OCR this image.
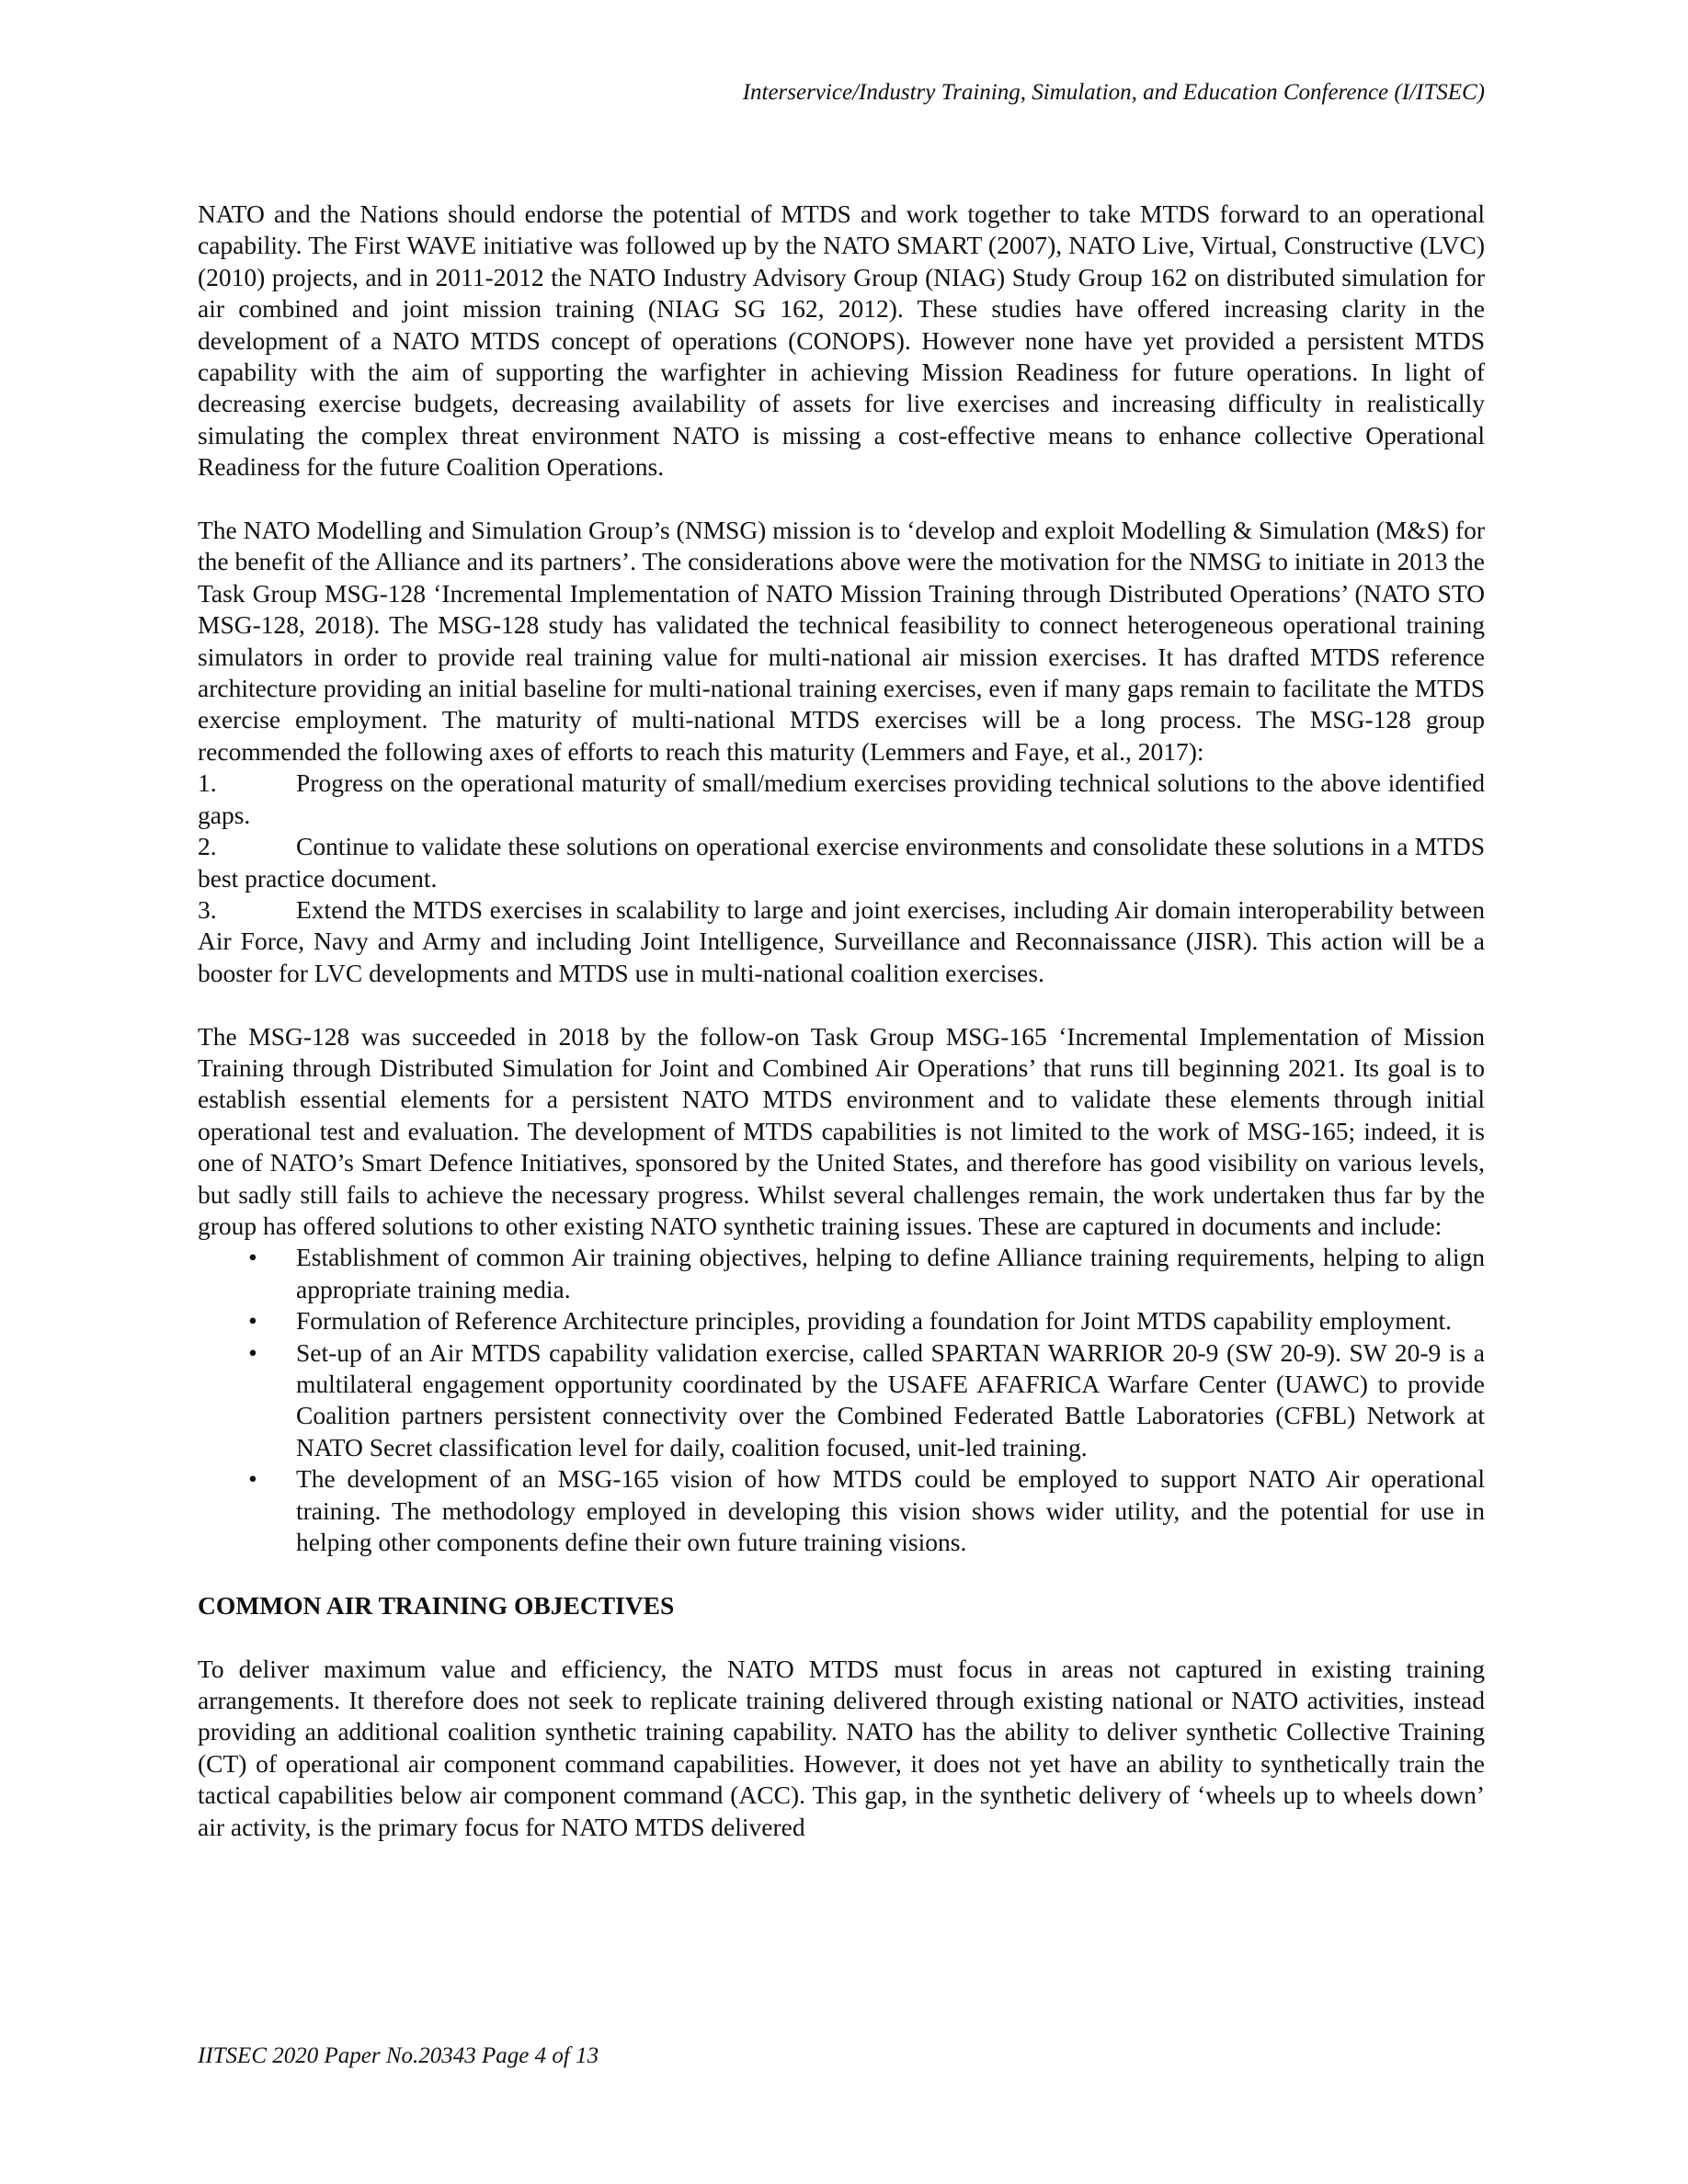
Interservice/Industry Training, Simulation, and Education Conference (I/ITSEC)

NATO and the Nations should endorse the potential of MTDS and work together to take MTDS forward to an operational capability. The First WAVE initiative was followed up by the NATO SMART (2007), NATO Live, Virtual, Constructive (LVC) (2010) projects, and in 2011-2012 the NATO Industry Advisory Group (NIAG) Study Group 162 on distributed simulation for air combined and joint mission training (NIAG SG 162, 2012). These studies have offered increasing clarity in the development of a NATO MTDS concept of operations (CONOPS). However none have yet provided a persistent MTDS capability with the aim of supporting the warfighter in achieving Mission Readiness for future operations. In light of decreasing exercise budgets, decreasing availability of assets for live exercises and increasing difficulty in realistically simulating the complex threat environment NATO is missing a cost-effective means to enhance collective Operational Readiness for the future Coalition Operations.

The NATO Modelling and Simulation Group’s (NMSG) mission is to ‘develop and exploit Modelling & Simulation (M&S) for the benefit of the Alliance and its partners’. The considerations above were the motivation for the NMSG to initiate in 2013 the Task Group MSG-128 ‘Incremental Implementation of NATO Mission Training through Distributed Operations’ (NATO STO MSG-128, 2018). The MSG-128 study has validated the technical feasibility to connect heterogeneous operational training simulators in order to provide real training value for multi-national air mission exercises. It has drafted MTDS reference architecture providing an initial baseline for multi-national training exercises, even if many gaps remain to facilitate the MTDS exercise employment. The maturity of multi-national MTDS exercises will be a long process. The MSG-128 group recommended the following axes of efforts to reach this maturity (Lemmers and Faye, et al., 2017):

1.	Progress on the operational maturity of small/medium exercises providing technical solutions to the above identified gaps.
2.	Continue to validate these solutions on operational exercise environments and consolidate these solutions in a MTDS best practice document.
3.	Extend the MTDS exercises in scalability to large and joint exercises, including Air domain interoperability between Air Force, Navy and Army and including Joint Intelligence, Surveillance and Reconnaissance (JISR). This action will be a booster for LVC developments and MTDS use in multi-national coalition exercises.

The MSG-128 was succeeded in 2018 by the follow-on Task Group MSG-165 ‘Incremental Implementation of Mission Training through Distributed Simulation for Joint and Combined Air Operations’ that runs till beginning 2021. Its goal is to establish essential elements for a persistent NATO MTDS environment and to validate these elements through initial operational test and evaluation. The development of MTDS capabilities is not limited to the work of MSG-165; indeed, it is one of NATO’s Smart Defence Initiatives, sponsored by the United States, and therefore has good visibility on various levels, but sadly still fails to achieve the necessary progress. Whilst several challenges remain, the work undertaken thus far by the group has offered solutions to other existing NATO synthetic training issues. These are captured in documents and include:

• Establishment of common Air training objectives, helping to define Alliance training requirements, helping to align appropriate training media.
• Formulation of Reference Architecture principles, providing a foundation for Joint MTDS capability employment.
• Set-up of an Air MTDS capability validation exercise, called SPARTAN WARRIOR 20-9 (SW 20-9). SW 20-9 is a multilateral engagement opportunity coordinated by the USAFE AFAFRICA Warfare Center (UAWC) to provide Coalition partners persistent connectivity over the Combined Federated Battle Laboratories (CFBL) Network at NATO Secret classification level for daily, coalition focused, unit-led training.
• The development of an MSG-165 vision of how MTDS could be employed to support NATO Air operational training. The methodology employed in developing this vision shows wider utility, and the potential for use in helping other components define their own future training visions.
COMMON AIR TRAINING OBJECTIVES

To deliver maximum value and efficiency, the NATO MTDS must focus in areas not captured in existing training arrangements. It therefore does not seek to replicate training delivered through existing national or NATO activities, instead providing an additional coalition synthetic training capability. NATO has the ability to deliver synthetic Collective Training (CT) of operational air component command capabilities. However, it does not yet have an ability to synthetically train the tactical capabilities below air component command (ACC). This gap, in the synthetic delivery of ‘wheels up to wheels down’ air activity, is the primary focus for NATO MTDS delivered

IITSEC 2020 Paper No.20343 Page 4 of 13
